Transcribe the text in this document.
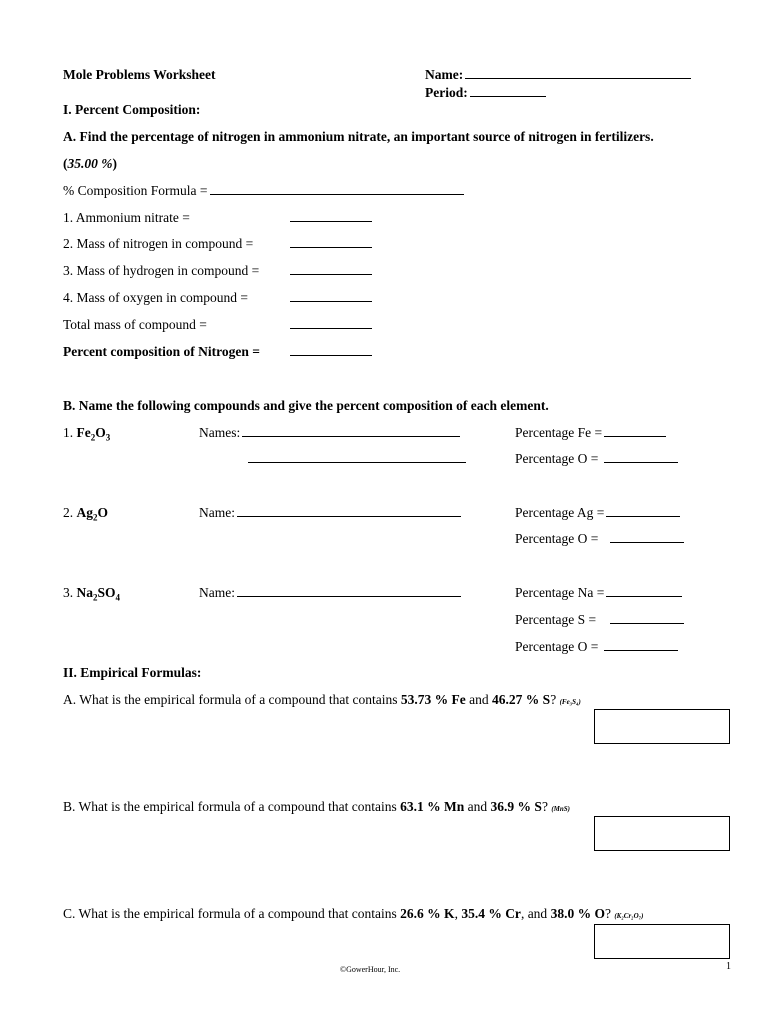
Mole Problems Worksheet	Name:
Period:
I. Percent Composition:
A. Find the percentage of nitrogen in ammonium nitrate, an important source of nitrogen in fertilizers.
(35.00 %)
% Composition Formula =
1. Ammonium nitrate =
2. Mass of nitrogen in compound =
3. Mass of hydrogen in compound =
4. Mass of oxygen in compound =
Total mass of compound =
Percent composition of Nitrogen =
B. Name the following compounds and give the percent composition of each element.
1. $Fe_2O_3$	Names:	Percentage Fe =
Percentage O =
2. $Ag_2O$	Name:	Percentage Ag =
Percentage O =
3. $Na_2SO_4$	Name:	Percentage Na =
Percentage S =
Percentage O =
II. Empirical Formulas:
A. What is the empirical formula of a compound that contains 53.73 % Fe and 46.27 % S? (Fe₃S₄)
B. What is the empirical formula of a compound that contains 63.1 % Mn and 36.9 % S? (MnS)
C. What is the empirical formula of a compound that contains 26.6 % K, 35.4 % Cr, and 38.0 % O? (K₂Cr₂O₇)
©GowerHour, Inc.	1
